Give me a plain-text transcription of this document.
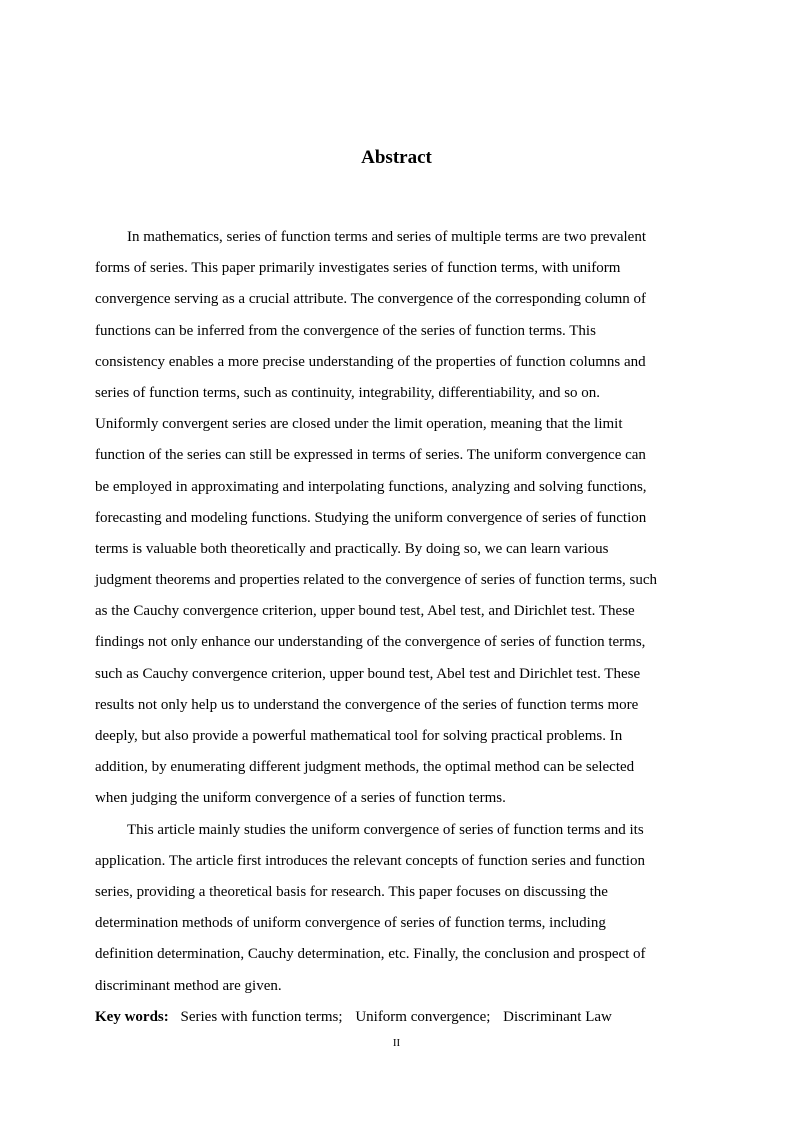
Abstract
In mathematics, series of function terms and series of multiple terms are two prevalent
forms of series. This paper primarily investigates series of function terms, with uniform
convergence serving as a crucial attribute. The convergence of the corresponding column of
functions can be inferred from the convergence of the series of function terms. This
consistency enables a more precise understanding of the properties of function columns and
series of function terms, such as continuity, integrability, differentiability, and so on.
Uniformly convergent series are closed under the limit operation, meaning that the limit
function of the series can still be expressed in terms of series. The uniform convergence can
be employed in approximating and interpolating functions, analyzing and solving functions,
forecasting and modeling functions. Studying the uniform convergence of series of function
terms is valuable both theoretically and practically. By doing so, we can learn various
judgment theorems and properties related to the convergence of series of function terms, such
as the Cauchy convergence criterion, upper bound test, Abel test, and Dirichlet test. These
findings not only enhance our understanding of the convergence of series of function terms,
such as Cauchy convergence criterion, upper bound test, Abel test and Dirichlet test. These
results not only help us to understand the convergence of the series of function terms more
deeply, but also provide a powerful mathematical tool for solving practical problems. In
addition, by enumerating different judgment methods, the optimal method can be selected
when judging the uniform convergence of a series of function terms.
This article mainly studies the uniform convergence of series of function terms and its
application. The article first introduces the relevant concepts of function series and function
series, providing a theoretical basis for research. This paper focuses on discussing the
determination methods of uniform convergence of series of function terms, including
definition determination, Cauchy determination, etc. Finally, the conclusion and prospect of
discriminant method are given.
Key words: Series with function terms; Uniform convergence; Discriminant Law
II
